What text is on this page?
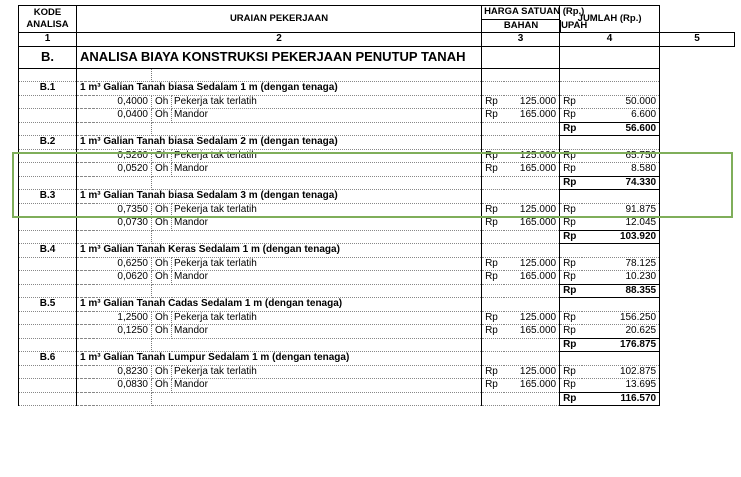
KODE
ANALISA	URAIAN PEKERJAAN				HARGA SATUAN (Rp.)		JUMLAH (Rp.)		

					BAHAN UPAH				

1	2				3		4		5
B.	ANALISA BIAYA KONSTRUKSI PEKERJAAN PENUTUP TANAH								

B.1	1 m³ Galian Tanah biasa Sedalam 1 m (dengan tenaga)								
		0,4000	Oh	Pekerja tak terlatih	Rp	125.000	Rp	50.000	
		0,0400	Oh	Mandor	Rp	165.000	Rp	6.600	
							Rp	56.600	
B.2	1 m³ Galian Tanah biasa Sedalam 2 m (dengan tenaga)								
		0,5260	Oh	Pekerja tak terlatih	Rp	125.000	Rp	65.750	
		0,0520	Oh	Mandor	Rp	165.000	Rp	8.580	
							Rp	74.330	
B.3	1 m³ Galian Tanah biasa Sedalam 3 m (dengan tenaga)								
		0,7350	Oh	Pekerja tak terlatih	Rp	125.000	Rp	91.875	
		0,0730	Oh	Mandor	Rp	165.000	Rp	12.045	
							Rp	103.920	
B.4	1 m³ Galian Tanah Keras Sedalam 1 m (dengan tenaga)								
		0,6250	Oh	Pekerja tak terlatih	Rp	125.000	Rp	78.125	
		0,0620	Oh	Mandor	Rp	165.000	Rp	10.230	
							Rp	88.355	
B.5	1 m³ Galian Tanah Cadas Sedalam 1 m (dengan tenaga)								
		1,2500	Oh	Pekerja tak terlatih	Rp	125.000	Rp	156.250	
		0,1250	Oh	Mandor	Rp	165.000	Rp	20.625	
							Rp	176.875	
B.6	1 m³ Galian Tanah Lumpur Sedalam 1 m (dengan tenaga)								
		0,8230	Oh	Pekerja tak terlatih	Rp	125.000	Rp	102.875	
		0,0830	Oh	Mandor	Rp	165.000	Rp	13.695	
							Rp	116.570	
